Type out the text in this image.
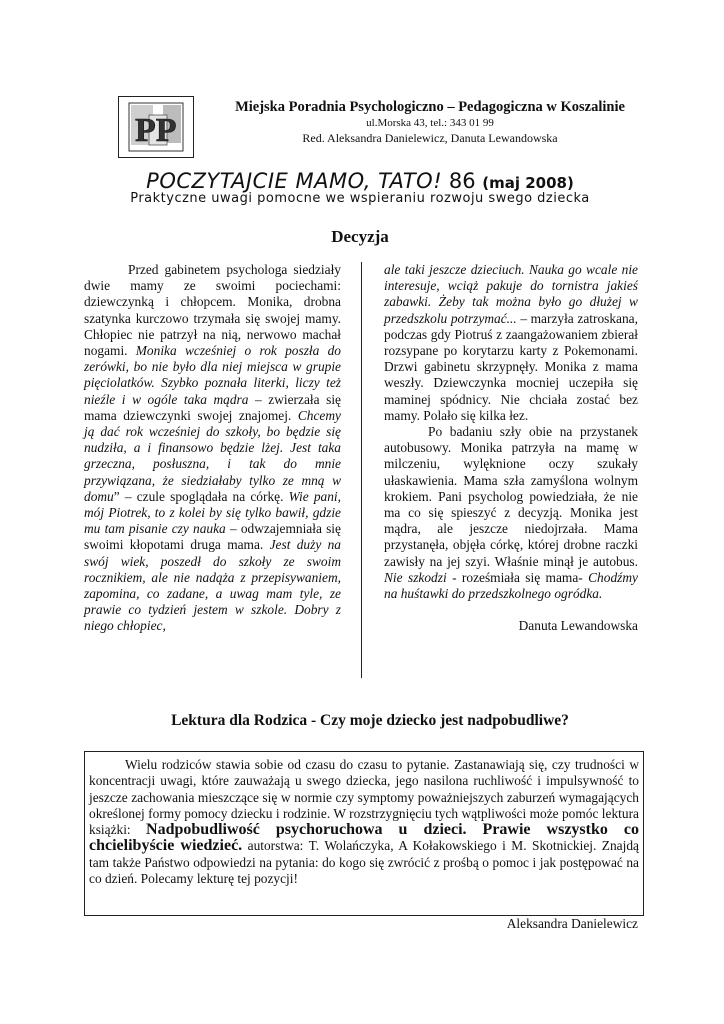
PP
Miejska Poradnia Psychologiczno – Pedagogiczna w Koszalinie
ul.Morska 43, tel.: 343 01 99
Red. Aleksandra Danielewicz, Danuta Lewandowska
POCZYTAJCIE MAMO, TATO! 86 (maj 2008)
Praktyczne uwagi pomocne we wspieraniu rozwoju swego dziecka
Decyzja

Przed gabinetem psychologa siedziały dwie mamy ze swoimi pociechami: dziewczynką i chłopcem. Monika, drobna szatynka kurczowo trzymała się swojej mamy. Chłopiec nie patrzył na nią, nerwowo machał nogami. Monika wcześniej o rok poszła do zerówki, bo nie było dla niej miejsca w grupie pięciolatków. Szybko poznała literki, liczy też nieźle i w ogóle taka mądra – zwierzała się mama dziewczynki swojej znajomej. Chcemy ją dać rok wcześniej do szkoły, bo będzie się nudziła, a i finansowo będzie lżej. Jest taka grzeczna, posłuszna, i tak do mnie przywiązana, że siedziałaby tylko ze mną w domu” – czule spoglądała na córkę. Wie pani, mój Piotrek, to z kolei by się tylko bawił, gdzie mu tam pisanie czy nauka – odwzajemniała się swoimi kłopotami druga mama. Jest duży na swój wiek, poszedł do szkoły ze swoim rocznikiem, ale nie nadąża z przepisywaniem, zapomina, co zadane, a uwag mam tyle, ze prawie co tydzień jestem w szkole. Dobry z niego chłopiec,

ale taki jeszcze dzieciuch. Nauka go wcale nie interesuje, wciąż pakuje do tornistra jakieś zabawki. Żeby tak można było go dłużej w przedszkolu potrzymać... – marzyła zatroskana, podczas gdy Piotruś z zaangażowaniem zbierał rozsypane po korytarzu karty z Pokemonami. Drzwi gabinetu skrzypnęły. Monika z mama weszły. Dziewczynka mocniej uczepiła się maminej spódnicy. Nie chciała zostać bez mamy. Polało się kilka łez.

Po badaniu szły obie na przystanek autobusowy. Monika patrzyła na mamę w milczeniu, wylęknione oczy szukały ułaskawienia. Mama szła zamyślona wolnym krokiem. Pani psycholog powiedziała, że nie ma co się spieszyć z decyzją. Monika jest mądra, ale jeszcze niedojrzała. Mama przystanęła, objęła córkę, której drobne raczki zawisły na jej szyi. Właśnie minął je autobus. Nie szkodzi - roześmiała się mama- Chodźmy na huśtawki do przedszkolnego ogródka.

Danuta Lewandowska

Lektura dla Rodzica - Czy moje dziecko jest nadpobudliwe?

Wielu rodziców stawia sobie od czasu do czasu to pytanie. Zastanawiają się, czy trudności w koncentracji uwagi, które zauważają u swego dziecka, jego nasilona ruchliwość i impulsywność to jeszcze zachowania mieszczące się w normie czy symptomy poważniejszych zaburzeń wymagających określonej formy pomocy dziecku i rodzinie. W rozstrzygnięciu tych wątpliwości może pomóc lektura książki: Nadpobudliwość psychoruchowa u dzieci. Prawie wszystko co chcielibyście wiedzieć. autorstwa: T. Wolańczyka, A Kołakowskiego i M. Skotnickiej. Znajdą tam także Państwo odpowiedzi na pytania: do kogo się zwrócić z prośbą o pomoc i jak postępować na co dzień. Polecamy lekturę tej pozycji!

Aleksandra Danielewicz
